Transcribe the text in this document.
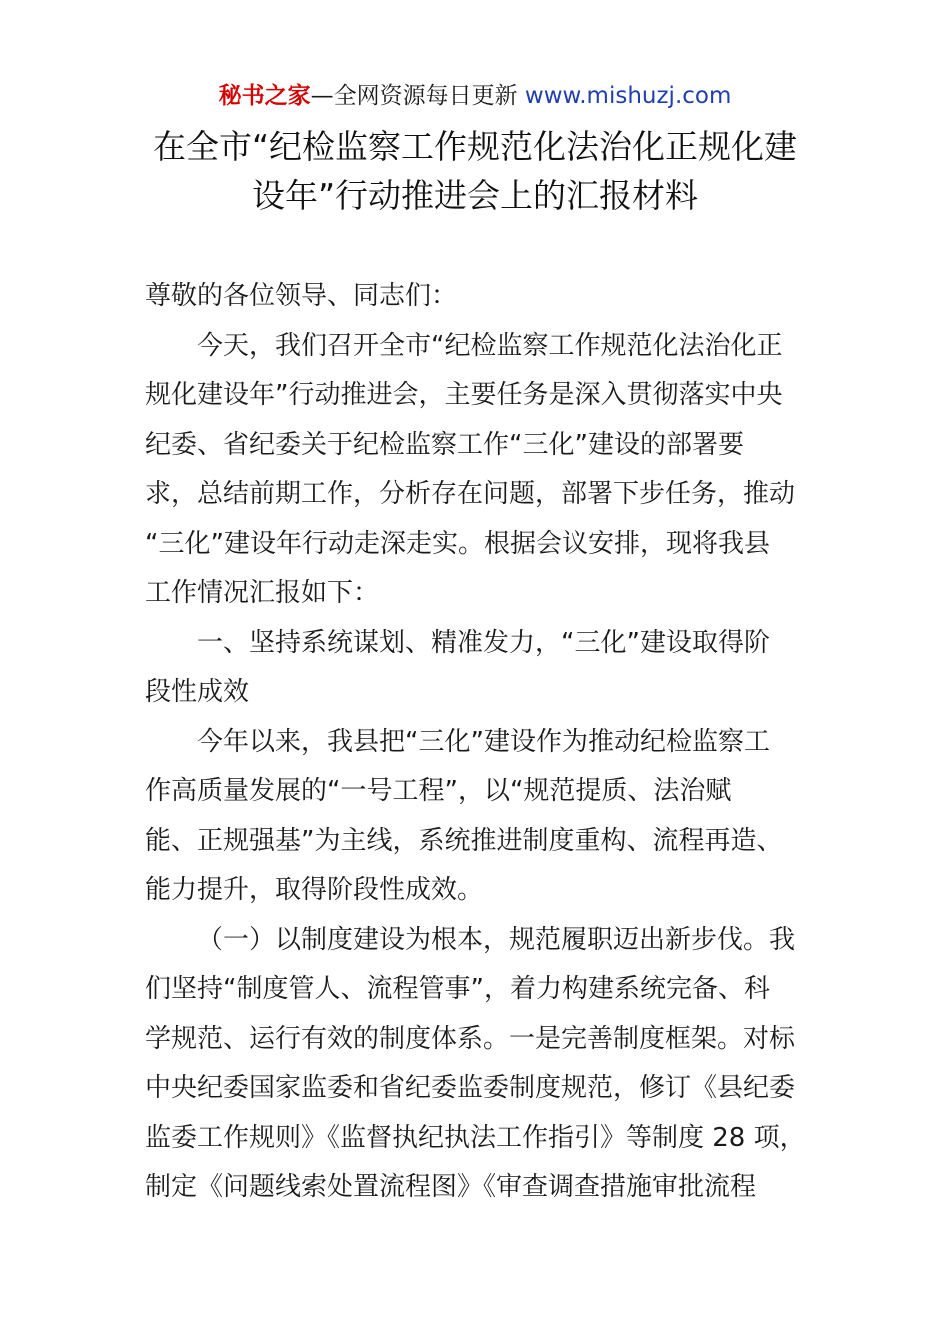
秘书之家—全网资源每日更新 www.mishuzj.com
在全市“纪检监察工作规范化法治化正规化建
设年”行动推进会上的汇报材料
尊敬的各位领导、同志们：
今天，我们召开全市“纪检监察工作规范化法治化正
规化建设年”行动推进会，主要任务是深入贯彻落实中央
纪委、省纪委关于纪检监察工作“三化”建设的部署要
求，总结前期工作，分析存在问题，部署下步任务，推动
“三化”建设年行动走深走实。根据会议安排，现将我县
工作情况汇报如下：
一、坚持系统谋划、精准发力，“三化”建设取得阶
段性成效
今年以来，我县把“三化”建设作为推动纪检监察工
作高质量发展的“一号工程”，以“规范提质、法治赋
能、正规强基”为主线，系统推进制度重构、流程再造、
能力提升，取得阶段性成效。
（一）以制度建设为根本，规范履职迈出新步伐。我
们坚持“制度管人、流程管事”，着力构建系统完备、科
学规范、运行有效的制度体系。一是完善制度框架。对标
中央纪委国家监委和省纪委监委制度规范，修订《县纪委
监委工作规则》《监督执纪执法工作指引》等制度 28 项，
制定《问题线索处置流程图》《审查调查措施审批流程
